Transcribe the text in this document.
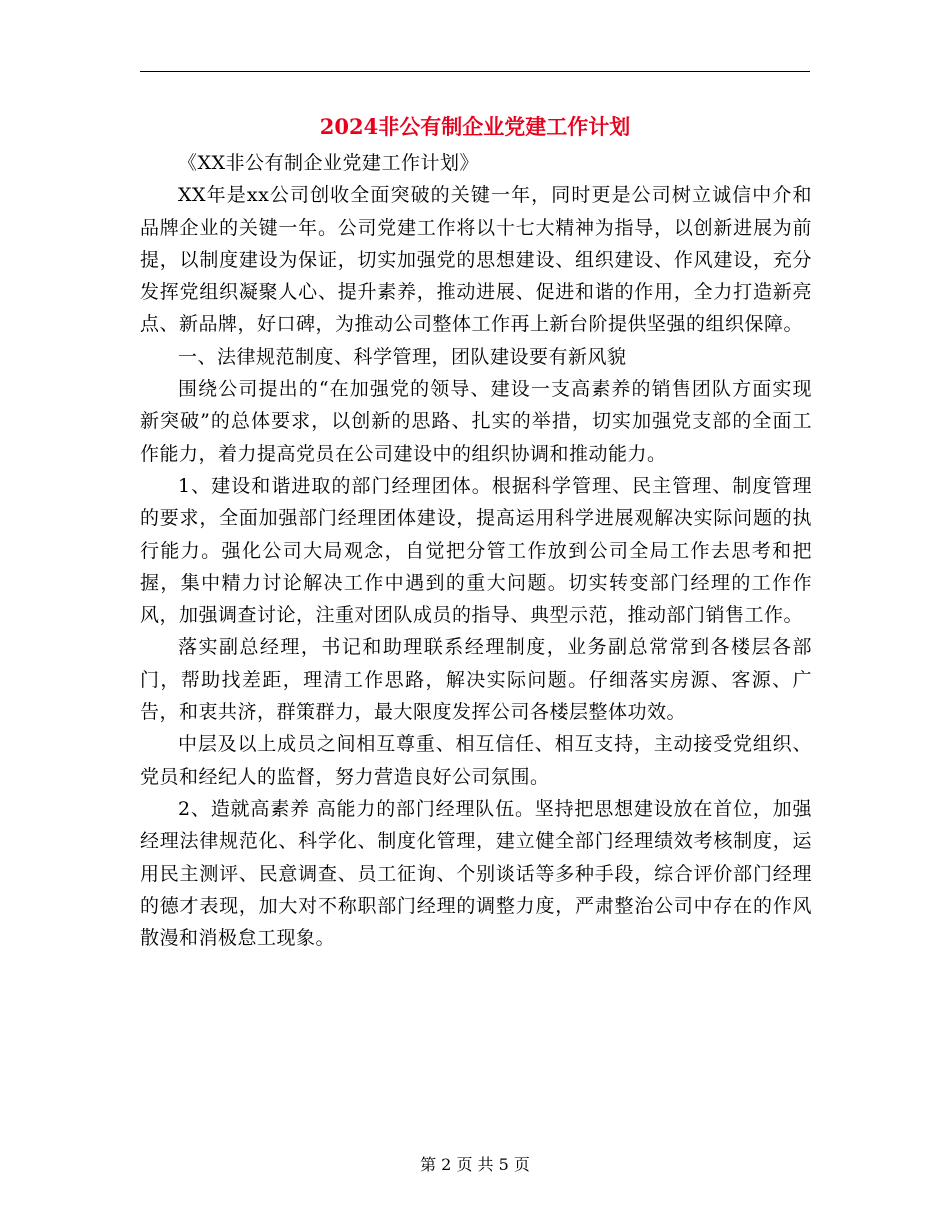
2024非公有制企业党建工作计划

《XX非公有制企业党建工作计划》

XX年是xx公司创收全面突破的关键一年，同时更是公司树立诚信中介和品牌企业的关键一年。公司党建工作将以十七大精神为指导，以创新进展为前提，以制度建设为保证，切实加强党的思想建设、组织建设、作风建设，充分发挥党组织凝聚人心、提升素养，推动进展、促进和谐的作用，全力打造新亮点、新品牌，好口碑，为推动公司整体工作再上新台阶提供坚强的组织保障。

一、法律规范制度、科学管理，团队建设要有新风貌

围绕公司提出的“在加强党的领导、建设一支高素养的销售团队方面实现新突破”的总体要求，以创新的思路、扎实的举措，切实加强党支部的全面工作能力，着力提高党员在公司建设中的组织协调和推动能力。

1、建设和谐进取的部门经理团体。根据科学管理、民主管理、制度管理的要求，全面加强部门经理团体建设，提高运用科学进展观解决实际问题的执行能力。强化公司大局观念，自觉把分管工作放到公司全局工作去思考和把握，集中精力讨论解决工作中遇到的重大问题。切实转变部门经理的工作作风，加强调查讨论，注重对团队成员的指导、典型示范，推动部门销售工作。

落实副总经理，书记和助理联系经理制度，业务副总常常到各楼层各部门，帮助找差距，理清工作思路，解决实际问题。仔细落实房源、客源、广告，和衷共济，群策群力，最大限度发挥公司各楼层整体功效。

中层及以上成员之间相互尊重、相互信任、相互支持，主动接受党组织、党员和经纪人的监督，努力营造良好公司氛围。

2、造就高素养 高能力的部门经理队伍。坚持把思想建设放在首位，加强经理法律规范化、科学化、制度化管理，建立健全部门经理绩效考核制度，运用民主测评、民意调查、员工征询、个别谈话等多种手段，综合评价部门经理的德才表现，加大对不称职部门经理的调整力度，严肃整治公司中存在的作风散漫和消极怠工现象。

第 2 页 共 5 页
